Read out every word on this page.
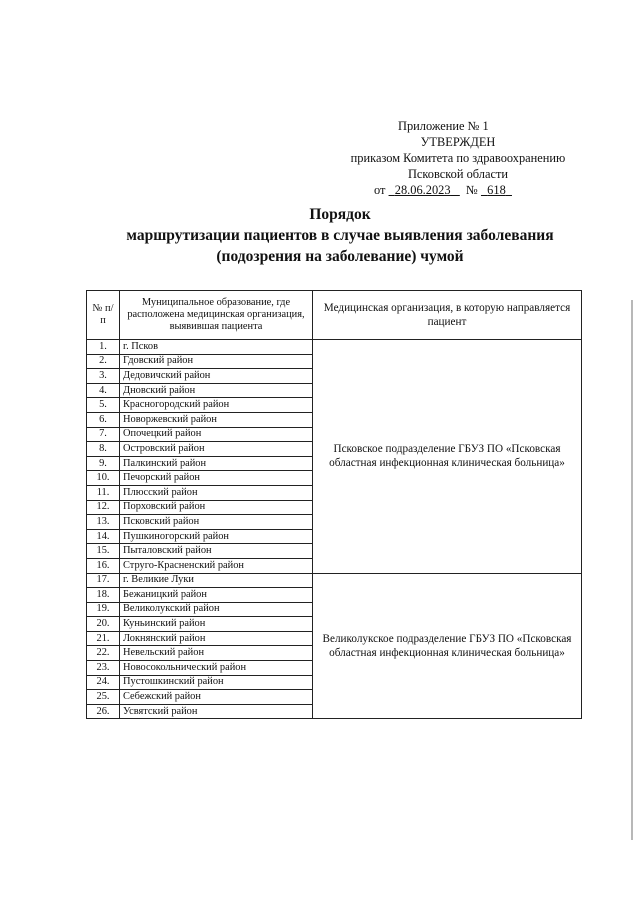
Приложение № 1
УТВЕРЖДЕН
приказом Комитета по здравоохранению
Псковской области
от 28.06.2023 № 618
Порядок
маршрутизации пациентов в случае выявления заболевания
(подозрения на заболевание) чумой
№ п/п	Муниципальное образование, где расположена медицинская организация, выявившая пациента	Медицинская организация, в которую направляется пациент
1.	г. Псков	Псковское подразделение ГБУЗ ПО «Псковская областная инфекционная клиническая больница»
2.	Гдовский район	
3.	Дедовичский район	
4.	Дновский район	
5.	Красногородский район	
6.	Новоржевский район	
7.	Опочецкий район	
8.	Островский район	
9.	Палкинский район	
10.	Печорский район	
11.	Плюсский район	
12.	Порховский район	
13.	Псковский район	
14.	Пушкиногорский район	
15.	Пыталовский район	
16.	Струго-Красненский район	
17.	г. Великие Луки	Великолукское подразделение ГБУЗ ПО «Псковская областная инфекционная клиническая больница»
18.	Бежаницкий район	
19.	Великолукский район	
20.	Куньинский район	
21.	Локнянский район	
22.	Невельский район	
23.	Новосокольнический район	
24.	Пустошкинский район	
25.	Себежский район	
26.	Усвятский район	
